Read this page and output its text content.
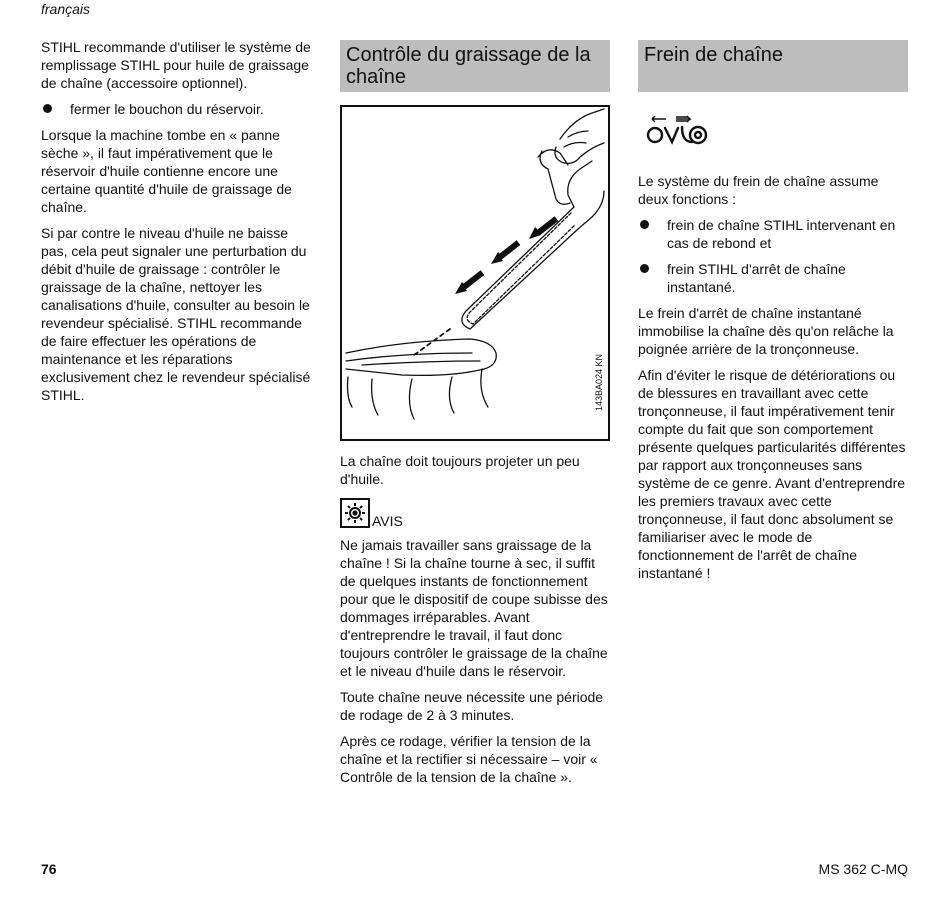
français

STIHL recommande d'utiliser le système de remplissage STIHL pour huile de graissage de chaîne (accessoire optionnel).

fermer le bouchon du réservoir.

Lorsque la machine tombe en « panne sèche », il faut impérativement que le réservoir d'huile contienne encore une certaine quantité d'huile de graissage de chaîne.

Si par contre le niveau d'huile ne baisse pas, cela peut signaler une perturbation du débit d'huile de graissage : contrôler le graissage de la chaîne, nettoyer les canalisations d'huile, consulter au besoin le revendeur spécialisé. STIHL recommande de faire effectuer les opérations de maintenance et les réparations exclusivement chez le revendeur spécialisé STIHL.

Contrôle du graissage de la chaîne
143BA024 KN

La chaîne doit toujours projeter un peu d'huile.

AVIS

Ne jamais travailler sans graissage de la chaîne ! Si la chaîne tourne à sec, il suffit de quelques instants de fonctionnement pour que le dispositif de coupe subisse des dommages irréparables. Avant d'entreprendre le travail, il faut donc toujours contrôler le graissage de la chaîne et le niveau d'huile dans le réservoir.

Toute chaîne neuve nécessite une période de rodage de 2 à 3 minutes.

Après ce rodage, vérifier la tension de la chaîne et la rectifier si nécessaire – voir « Contrôle de la tension de la chaîne ».

Frein de chaîne

Le système du frein de chaîne assume deux fonctions :

frein de chaîne STIHL intervenant en cas de rebond et
frein STIHL d'arrêt de chaîne instantané.

Le frein d'arrêt de chaîne instantané immobilise la chaîne dès qu'on relâche la poignée arrière de la tronçonneuse.

Afin d'éviter le risque de détériorations ou de blessures en travaillant avec cette tronçonneuse, il faut impérativement tenir compte du fait que son comportement présente quelques particularités différentes par rapport aux tronçonneuses sans système de ce genre. Avant d'entreprendre les premiers travaux avec cette tronçonneuse, il faut donc absolument se familiariser avec le mode de fonctionnement de l'arrêt de chaîne instantané !

76	MS 362 C-MQ
